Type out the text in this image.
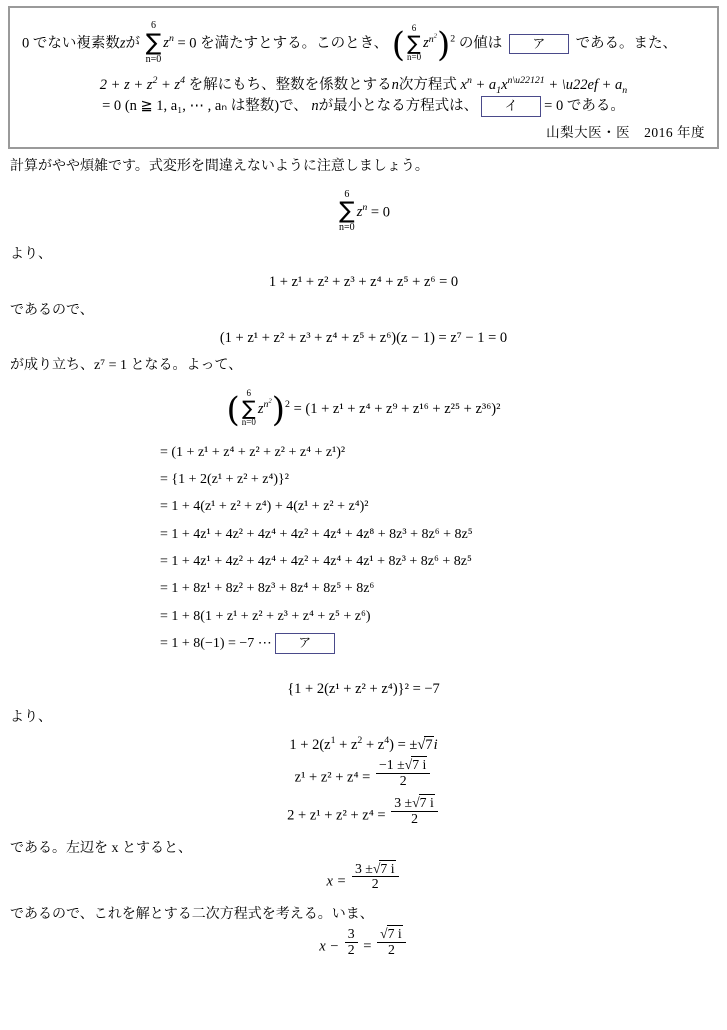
0 でない複素数zが
6
∑
n=0
$z^n = 0$ を満たすとする。このとき、 ( 6
∑
n=0
$z^{n^2})^2$ の値は ア である。また、
$2 + z + z^2 + z^4$ を解にもち、整数を係数とするn次方程式 $x^n + a_1x^{n\backslash u22121}$ + \u22ef + $a_n$
= 0 (n ≧ 1, a₁, ⋯ , aₙ は整数)で、 nが最小となる方程式は、 イ = 0 である。
山梨大医・医　2016 年度
計算がやや煩雑です。式変形を間違えないように注意しましょう。
6
∑
n=0
$z^n = 0$
より、
1 + z¹ + z² + z³ + z⁴ + z⁵ + z⁶ = 0
であるので、
(1 + z¹ + z² + z³ + z⁴ + z⁵ + z⁶)(z − 1) = z⁷ − 1 = 0
が成り立ち、z⁷ = 1 となる。よって、
( 6
∑
n=0
$z^{n^2})^2 = (1 + z^1 + z^4 + z^9 + z^{16} + z^{25} + z^{36})^2$
= (1 + z¹ + z⁴ + z² + z² + z⁴ + z¹)²
= {1 + 2(z¹ + z² + z⁴)}²
= 1 + 4(z¹ + z² + z⁴) + 4(z¹ + z² + z⁴)²
= 1 + 4z¹ + 4z² + 4z⁴ + 4z² + 4z⁴ + 4z⁸ + 8z³ + 8z⁶ + 8z⁵
= 1 + 4z¹ + 4z² + 4z⁴ + 4z² + 4z⁴ + 4z¹ + 8z³ + 8z⁶ + 8z⁵
= 1 + 8z¹ + 8z² + 8z³ + 8z⁴ + 8z⁵ + 8z⁶
= 1 + 8(1 + z¹ + z² + z³ + z⁴ + z⁵ + z⁶)
= 1 + 8(−1) = −7 ⋯ ア
{1 + 2(z¹ + z² + z⁴)}² = −7
より、
$1 + 2(z^1 + z^2 + z^4) = \pm√7i$
$z^1 + z^2 + z^4 = \frac{-1 \pm√7 i}{2}$
$2 + z^1 + z^2 + z^4 = \frac{3 \pm√7 i}{2}$
である。左辺を x とすると、
$x = \frac{3 \pm√7 i}{2}$
であるので、これを解とする二次方程式を考える。いま、
$x - \frac{3}{2} = \frac{√7 i}{2}$
